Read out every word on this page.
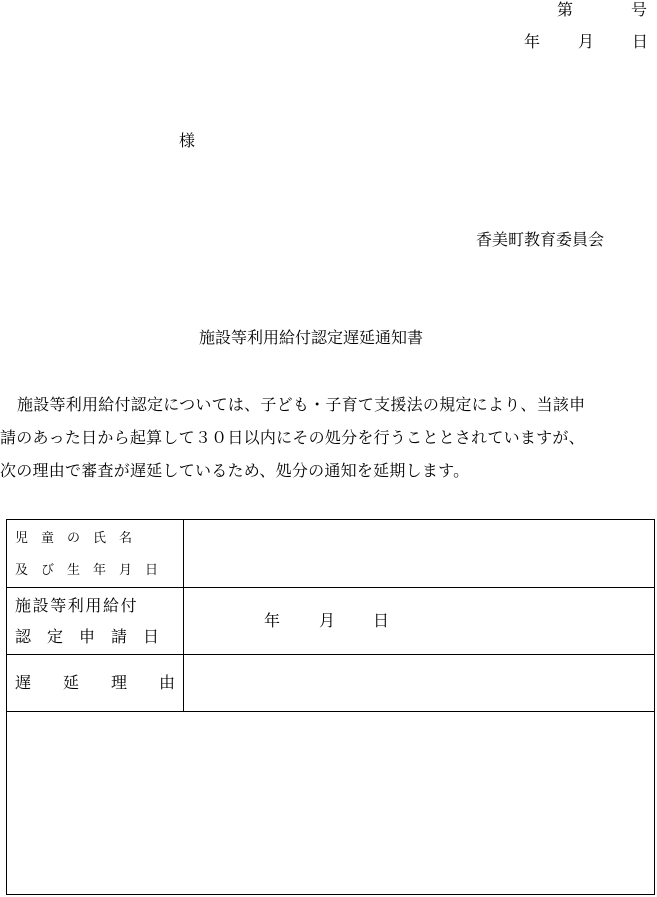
第	号
年 月 日
様
香美町教育委員会
施設等利用給付認定遅延通知書
施設等利用給付認定については、子ども・子育て支援法の規定により、当該申
請のあった日から起算して３０日以内にその処分を行うこととされていますが、
次の理由で審査が遅延しているため、処分の通知を延期します。
児　童　の　氏　名
及　び　生　年　月　日
施設等利用給付
認　定　申　請　日
年 月 日
遅　　延　　理　　由
